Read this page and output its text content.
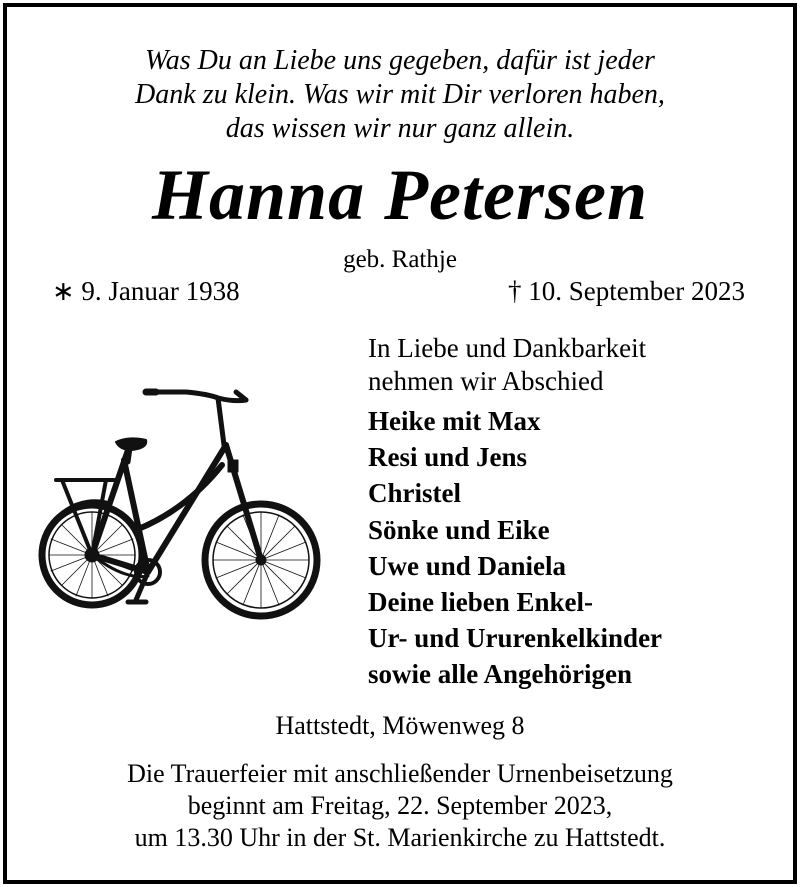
Was Du an Liebe uns gegeben, dafür ist jeder
Dank zu klein. Was wir mit Dir verloren haben,
das wissen wir nur ganz allein.
Hanna Petersen
geb. Rathje
∗ 9. Januar 1938	† 10. September 2023
In Liebe und Dankbarkeit
nehmen wir Abschied
Heike mit Max
Resi und Jens
Christel
Sönke und Eike
Uwe und Daniela
Deine lieben Enkel-
Ur- und Ururenkelkinder
sowie alle Angehörigen
Hattstedt, Möwenweg 8
Die Trauerfeier mit anschließender Urnenbeisetzung
beginnt am Freitag, 22. September 2023,
um 13.30 Uhr in der St. Marienkirche zu Hattstedt.
